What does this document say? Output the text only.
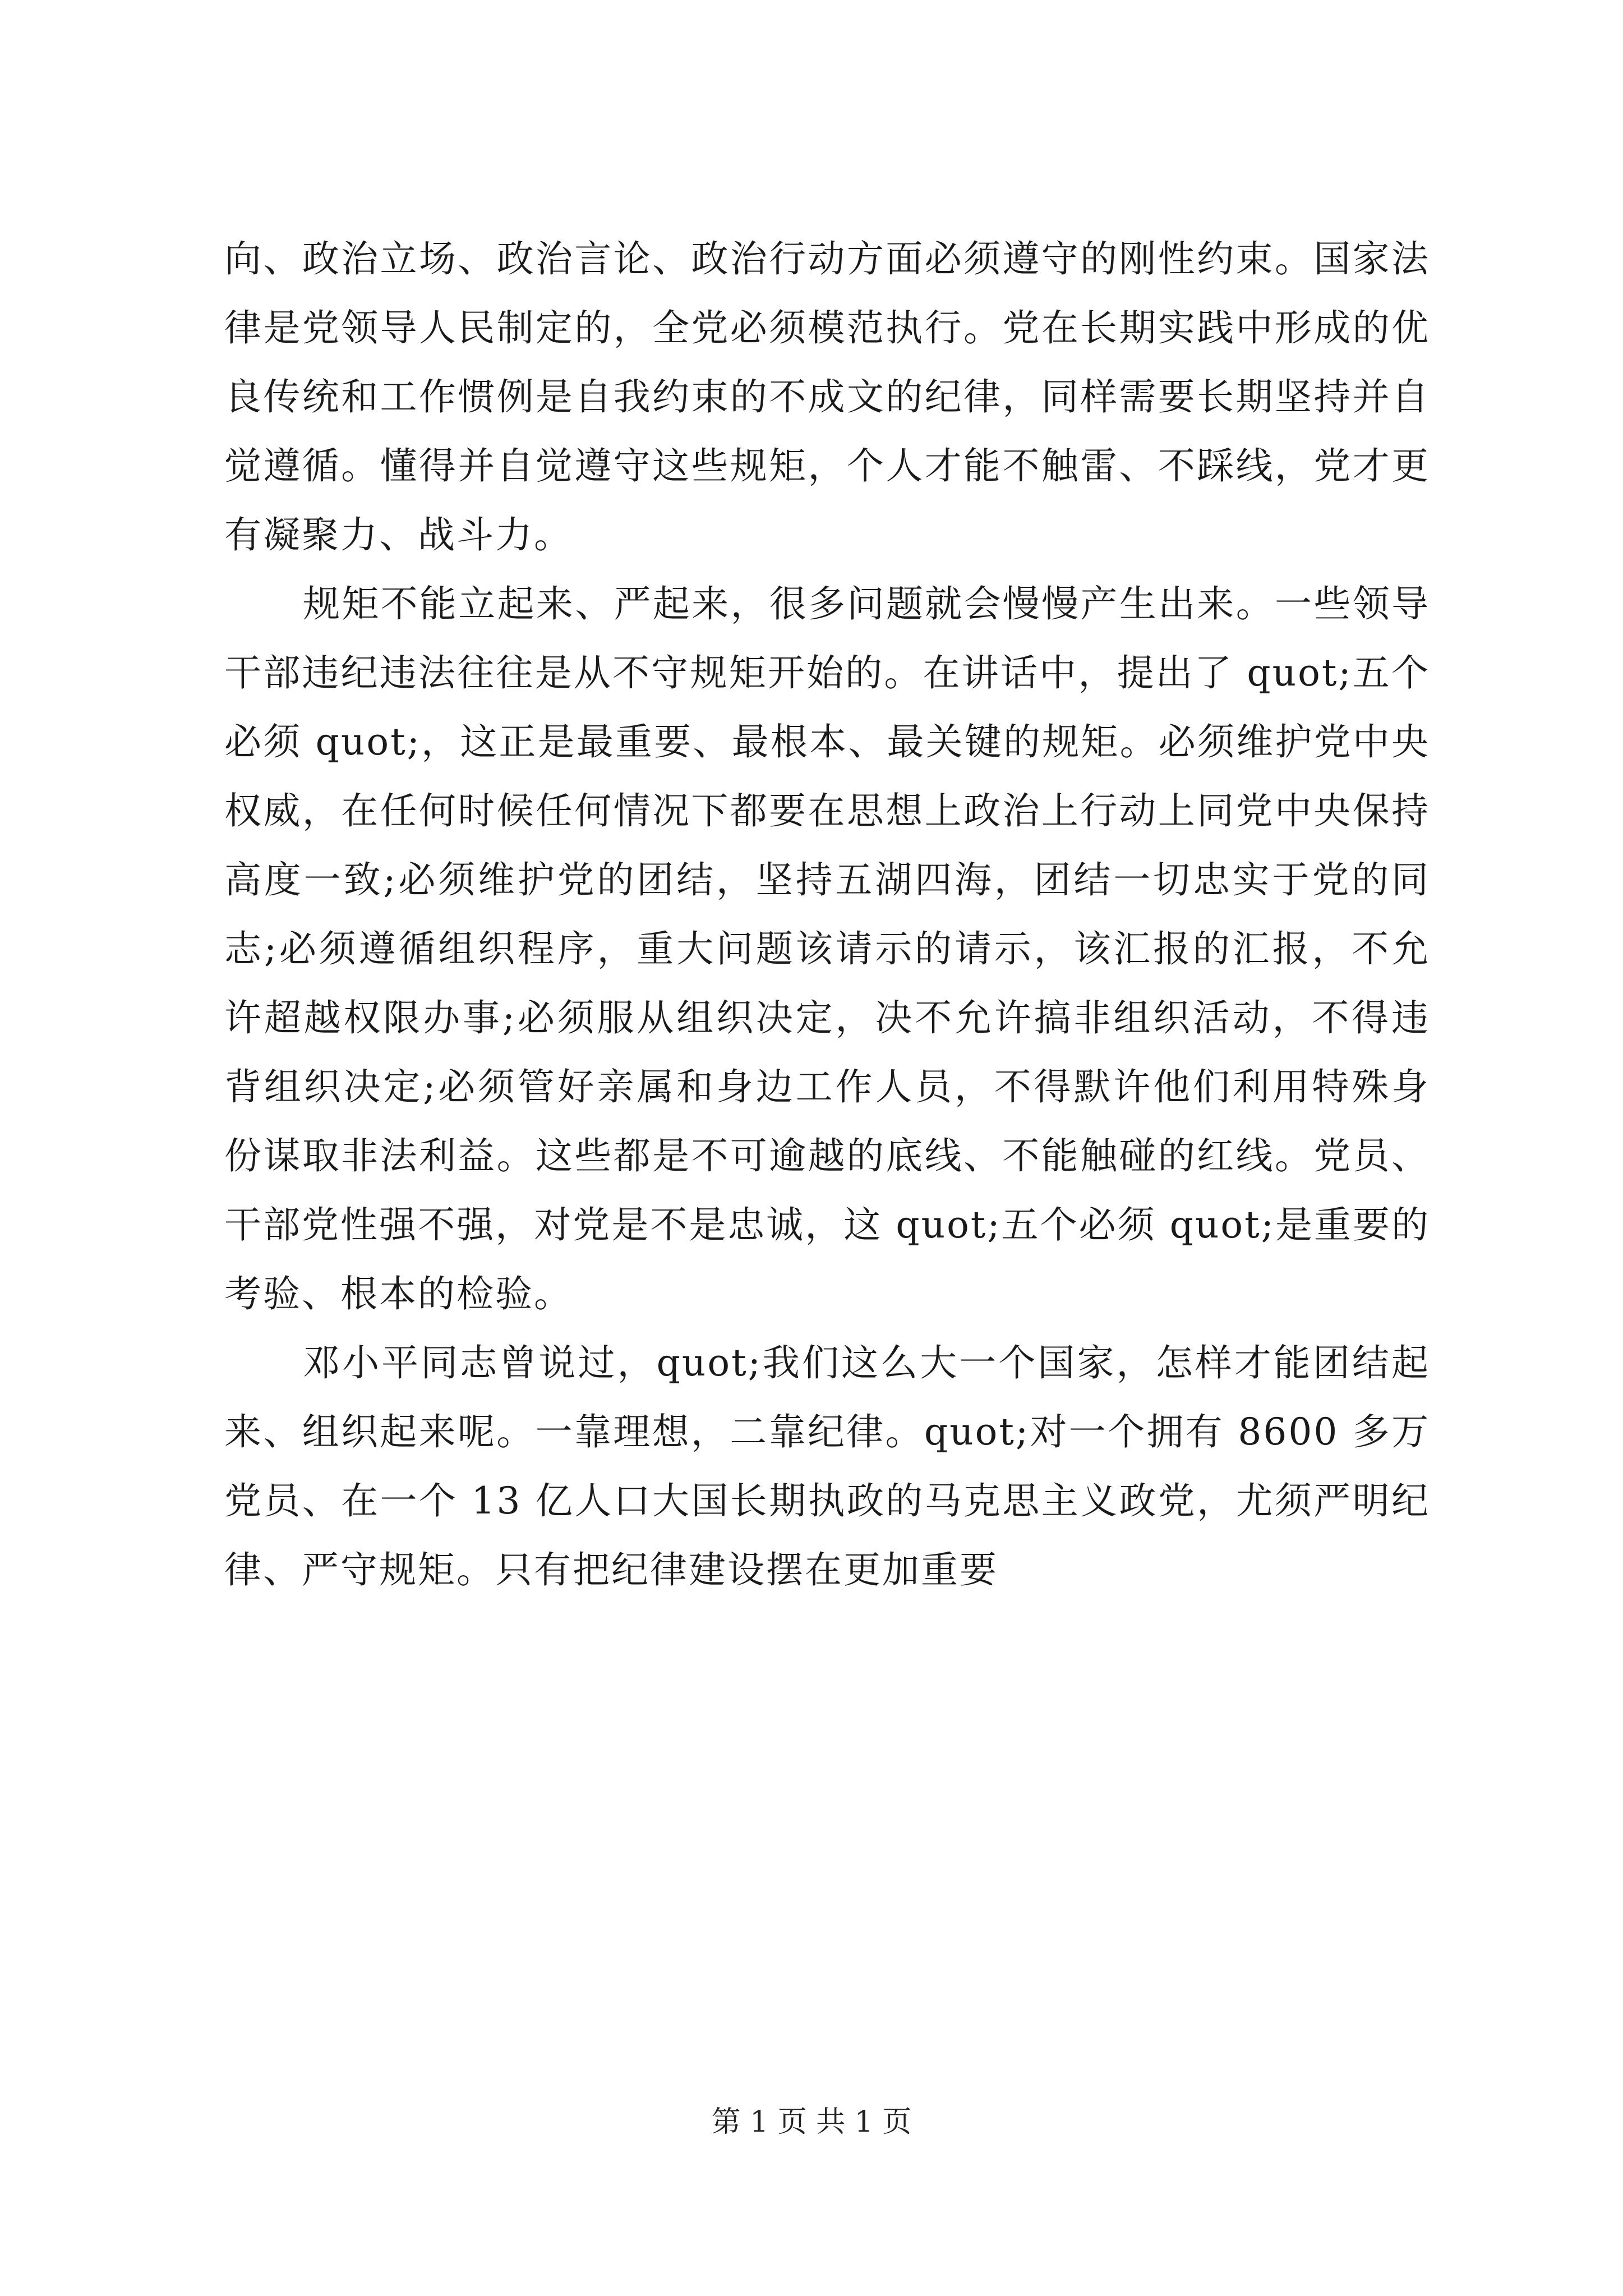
向、政治立场、政治言论、政治行动方面必须遵守的刚性约束。国家法律是党领导人民制定的，全党必须模范执行。党在长期实践中形成的优良传统和工作惯例是自我约束的不成文的纪律，同样需要长期坚持并自觉遵循。懂得并自觉遵守这些规矩，个人才能不触雷、不踩线，党才更有凝聚力、战斗力。

规矩不能立起来、严起来，很多问题就会慢慢产生出来。一些领导干部违纪违法往往是从不守规矩开始的。在讲话中，提出了 quot;五个必须 quot;，这正是最重要、最根本、最关键的规矩。必须维护党中央权威，在任何时候任何情况下都要在思想上政治上行动上同党中央保持高度一致;必须维护党的团结，坚持五湖四海，团结一切忠实于党的同志;必须遵循组织程序，重大问题该请示的请示，该汇报的汇报，不允许超越权限办事;必须服从组织决定，决不允许搞非组织活动，不得违背组织决定;必须管好亲属和身边工作人员，不得默许他们利用特殊身份谋取非法利益。这些都是不可逾越的底线、不能触碰的红线。党员、干部党性强不强，对党是不是忠诚，这 quot;五个必须 quot;是重要的考验、根本的检验。

邓小平同志曾说过，quot;我们这么大一个国家，怎样才能团结起来、组织起来呢。一靠理想，二靠纪律。quot;对一个拥有 8600 多万党员、在一个 13 亿人口大国长期执政的马克思主义政党，尤须严明纪律、严守规矩。只有把纪律建设摆在更加重要

第 1 页 共 1 页
